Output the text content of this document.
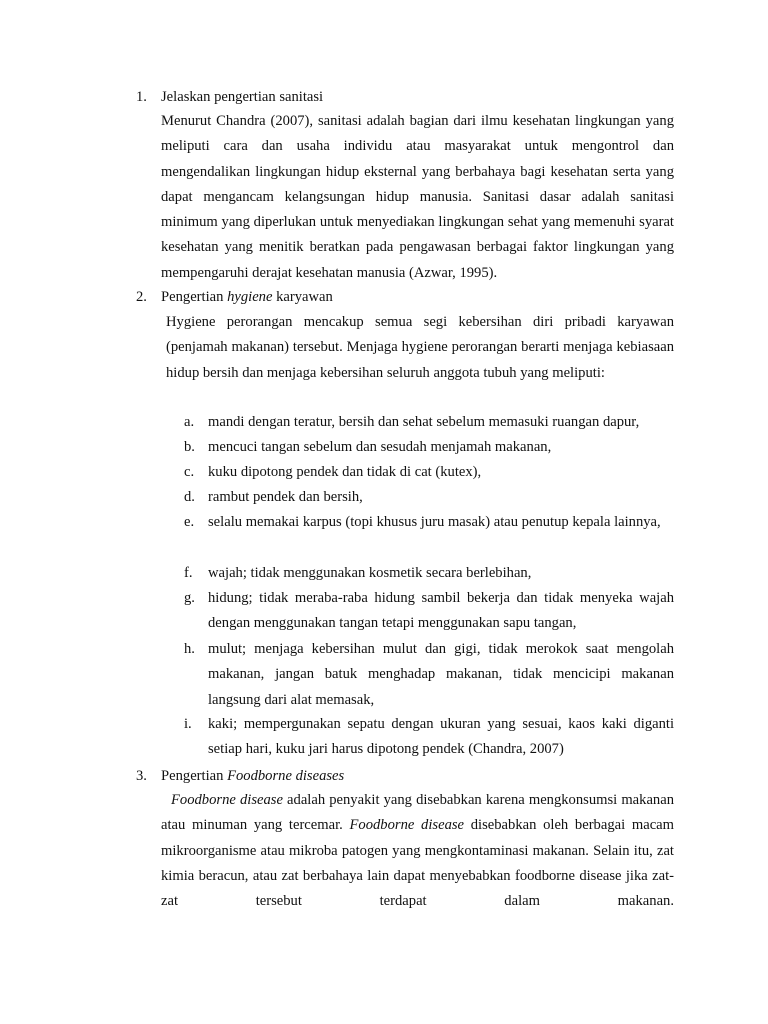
1. Jelaskan pengertian sanitasi
Menurut Chandra (2007), sanitasi adalah bagian dari ilmu kesehatan lingkungan yang meliputi cara dan usaha individu atau masyarakat untuk mengontrol dan mengendalikan lingkungan hidup eksternal yang berbahaya bagi kesehatan serta yang dapat mengancam kelangsungan hidup manusia. Sanitasi dasar adalah sanitasi minimum yang diperlukan untuk menyediakan lingkungan sehat yang memenuhi syarat kesehatan yang menitik beratkan pada pengawasan berbagai faktor lingkungan yang mempengaruhi derajat kesehatan manusia (Azwar, 1995).
2. Pengertian hygiene karyawan
Hygiene perorangan mencakup semua segi kebersihan diri pribadi karyawan (penjamah makanan) tersebut. Menjaga hygiene perorangan berarti menjaga kebiasaan hidup bersih dan menjaga kebersihan seluruh anggota tubuh yang meliputi:
a. mandi dengan teratur, bersih dan sehat sebelum memasuki ruangan dapur,
b. mencuci tangan sebelum dan sesudah menjamah makanan,
c. kuku dipotong pendek dan tidak di cat (kutex),
d. rambut pendek dan bersih,
e. selalu memakai karpus (topi khusus juru masak) atau penutup kepala lainnya,
f.	wajah; tidak menggunakan kosmetik secara berlebihan,
g. hidung; tidak meraba-raba hidung sambil bekerja dan tidak menyeka wajah dengan menggunakan tangan tetapi menggunakan sapu tangan,
h. mulut; menjaga kebersihan mulut dan gigi, tidak merokok saat mengolah makanan, jangan batuk menghadap makanan, tidak mencicipi makanan langsung dari alat memasak,
i.	kaki; mempergunakan sepatu dengan ukuran yang sesuai, kaos kaki diganti setiap hari, kuku jari harus dipotong pendek (Chandra, 2007)
3. Pengertian Foodborne diseases
Foodborne disease adalah penyakit yang disebabkan karena mengkonsumsi makanan atau minuman yang tercemar. Foodborne disease disebabkan oleh berbagai macam mikroorganisme atau mikroba patogen yang mengkontaminasi makanan. Selain itu, zat kimia beracun, atau zat berbahaya lain dapat menyebabkan foodborne disease jika zat-zat tersebut terdapat dalam makanan.
